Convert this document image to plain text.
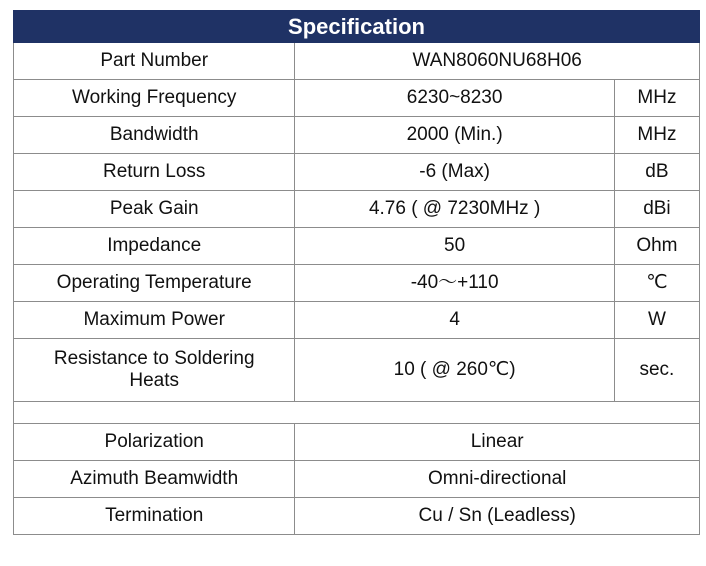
Specification		
Part Number	WAN8060NU68H06	
Working Frequency	6230~8230	MHz
Bandwidth	2000 (Min.)	MHz
Return Loss	-6 (Max)	dB
Peak Gain	4.76 ( @ 7230MHz )	dBi
Impedance	50	Ohm
Operating Temperature	-40～+110	℃
Maximum Power	4	W
Resistance to Soldering Heats	10 ( @ 260℃)	sec.

Polarization	Linear	
Azimuth Beamwidth	Omni-directional	
Termination	Cu / Sn (Leadless)	
